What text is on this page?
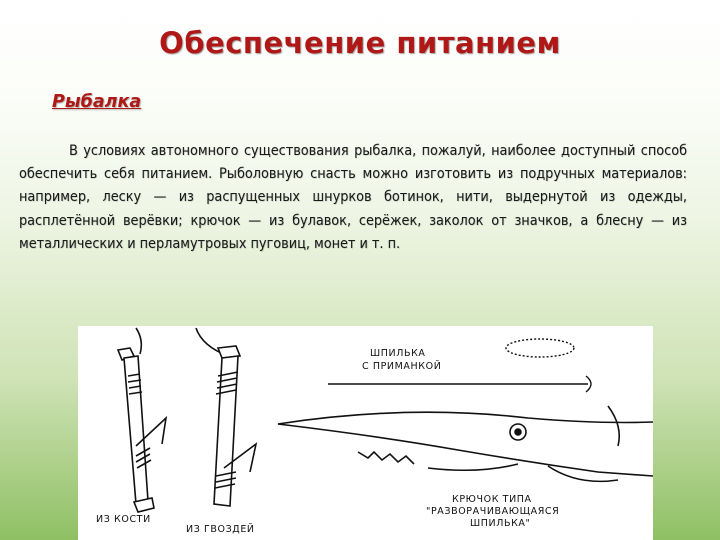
Обеспечение питанием
Рыбалка

В условиях автономного существования рыбалка, пожалуй, наиболее доступный способ обеспечить себя питанием. Рыболовную снасть можно изготовить из подручных материалов: например, леску — из распущенных шнурков ботинок, нити, выдернутой из одежды, расплетённой верёвки; крючок — из булавок, серёжек, заколок от значков, а блесну — из металлических и перламутровых пуговиц, монет и т. п.

ИЗ КОСТИ
ИЗ ГВОЗДЕЙ
ШПИЛЬКА
С ПРИМАНКОЙ
КРЮЧОК ТИПА
"РАЗВОРАЧИВАЮЩАЯСЯ
ШПИЛЬКА"
